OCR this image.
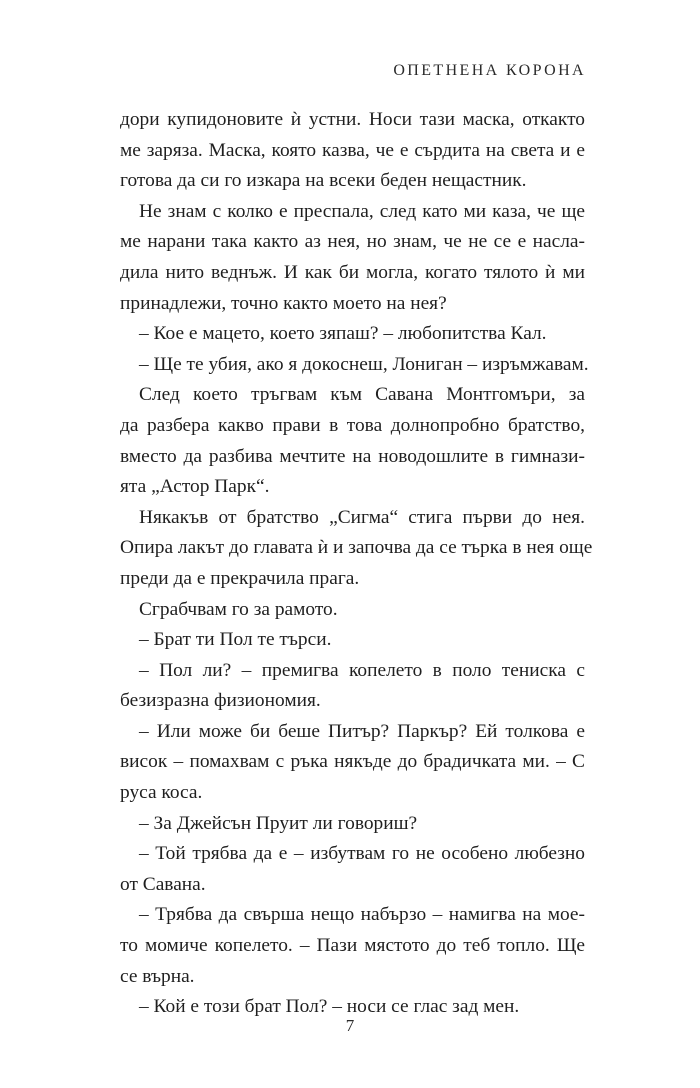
ОПЕТНЕНА КОРОНА
дори купидоновите ѝ устни. Носи тази маска, откакто
ме заряза. Маска, която казва, че е сърдита на света и е
готова да си го изкара на всеки беден нещастник.
Не знам с колко е преспала, след като ми каза, че ще
ме нарани така както аз нея, но знам, че не се е насла-
дила нито веднъж. И как би могла, когато тялото ѝ ми
принадлежи, точно както моето на нея?
– Кое е мацето, което зяпаш? – любопитства Кал.
– Ще те убия, ако я докоснеш, Лониган – изръмжавам.
След което тръгвам към Савана Монтгомъри, за
да разбера какво прави в това долнопробно братство,
вместо да разбива мечтите на новодошлите в гимнази-
ята „Астор Парк“.
Някакъв от братство „Сигма“ стига първи до нея.
Опира лакът до главата ѝ и започва да се търка в нея още
преди да е прекрачила прага.
Сграбчвам го за рамото.
– Брат ти Пол те търси.
– Пол ли? – премигва копелето в поло тениска с
безизразна физиономия.
– Или може би беше Питър? Паркър? Ей толкова е
висок – помахвам с ръка някъде до брадичката ми. – С
руса коса.
– За Джейсън Пруит ли говориш?
– Той трябва да е – избутвам го не особено любезно
от Савана.
– Трябва да свърша нещо набързо – намигва на мое-
то момиче копелето. – Пази мястото до теб топло. Ще
се върна.
– Кой е този брат Пол? – носи се глас зад мен.
7
